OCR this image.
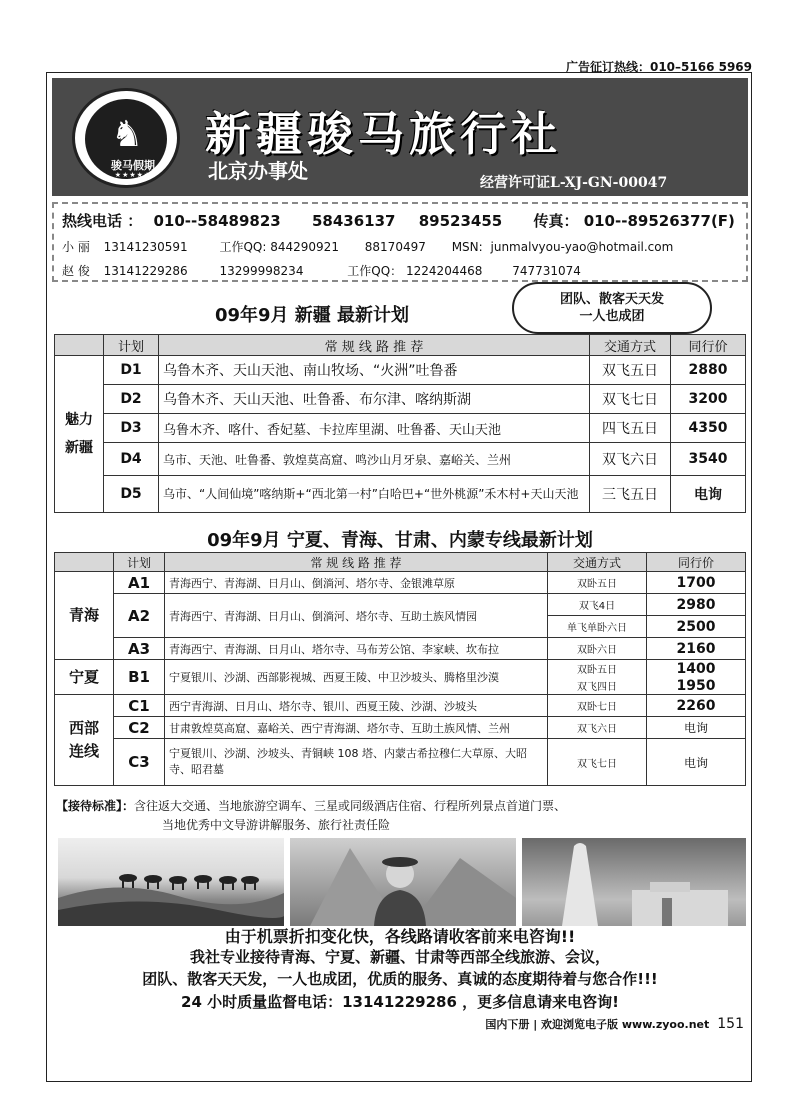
广告征订热线：010–5166 5969
♞
骏马假期
★★★★★
新疆骏马旅行社
北京办事处	经营许可证L-XJ-GN-00047
热线电话 ： 010--58489823 58436137 89523455 传真： 010--89526377(F)
小 丽 13141230591	工作QQ: 844290921 88170497 MSN: junmalvyou-yao@hotmail.com
赵 俊 13141229286	13299998234	工作QQ： 1224204468 747731074
09年9月 新疆 最新计划
团队、散客天天发
一人也成团
	计划	常 规 线 路 推 荐	交通方式	同行价
魅力新疆	D1	乌鲁木齐、天山天池、南山牧场、“火洲”吐鲁番	双飞五日	2880
	D2	乌鲁木齐、天山天池、吐鲁番、布尔津、喀纳斯湖	双飞七日	3200
	D3	乌鲁木齐、喀什、香妃墓、卡拉库里湖、吐鲁番、天山天池	四飞五日	4350
	D4	乌市、天池、吐鲁番、敦煌莫高窟、鸣沙山月牙泉、嘉峪关、兰州	双飞六日	3540
	D5	乌市、“人间仙境”喀纳斯+“西北第一村”白哈巴+“世外桃源”禾木村+天山天池	三飞五日	电询
09年9月 宁夏、青海、甘肃、内蒙专线最新计划
	计划	常 规 线 路 推 荐	交通方式	同行价
青海	A1	青海西宁、青海湖、日月山、倒淌河、塔尔寺、金银滩草原	双卧五日	1700
	A2	青海西宁、青海湖、日月山、倒淌河、塔尔寺、互助土族风情园	双飞4日	2980
			单飞单卧六日	2500
	A3	青海西宁、青海湖、日月山、塔尔寺、马布芳公馆、李家峡、坎布拉	双卧六日	2160
宁夏	B1	宁夏银川、沙湖、西部影视城、西夏王陵、中卫沙坡头、腾格里沙漠	双卧五日	1400
			双飞四日	1950
西部连线	C1	西宁青海湖、日月山、塔尔寺、银川、西夏王陵、沙湖、沙坡头	双卧七日	2260
	C2	甘肃敦煌莫高窟、嘉峪关、西宁青海湖、塔尔寺、互助土族风情、兰州	双飞六日	电询
	C3	宁夏银川、沙湖、沙坡头、青铜峡 108 塔、内蒙古希拉穆仁大草原、大昭寺、昭君墓	双飞七日	电询
【接待标准】：含往返大交通、当地旅游空调车、三星或同级酒店住宿、行程所列景点首道门票、
当地优秀中文导游讲解服务、旅行社责任险
由于机票折扣变化快，各线路请收客前来电咨询!!
我社专业接待青海、宁夏、新疆、甘肃等西部全线旅游、会议，
团队、散客天天发，一人也成团，优质的服务、真诚的态度期待着与您合作!!!
24 小时质量监督电话：13141229286 ，更多信息请来电咨询!
国内下册 | 欢迎浏览电子版 www.zyoo.net 151
